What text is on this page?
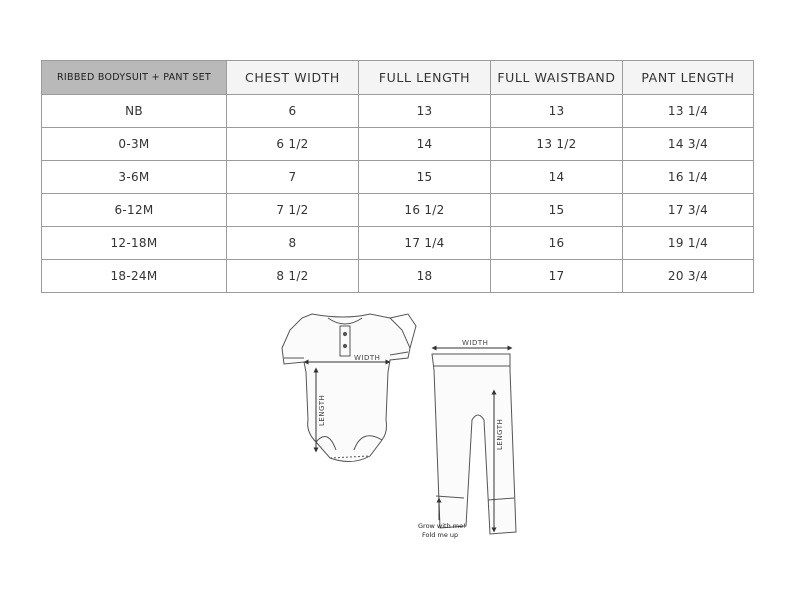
RIBBED BODYSUIT + PANT SET	CHEST WIDTH	FULL LENGTH	FULL WAISTBAND	PANT LENGTH
NB	6	13	13	13 1/4
0-3M	6 1/2	14	13 1/2	14 3/4
3-6M	7	15	14	16 1/4
6-12M	7 1/2	16 1/2	15	17 3/4
12-18M	8	17 1/4	16	19 1/4
18-24M	8 1/2	18	17	20 3/4
WIDTH
LENGTH
WIDTH
LENGTH
Grow with me!
Fold me up
